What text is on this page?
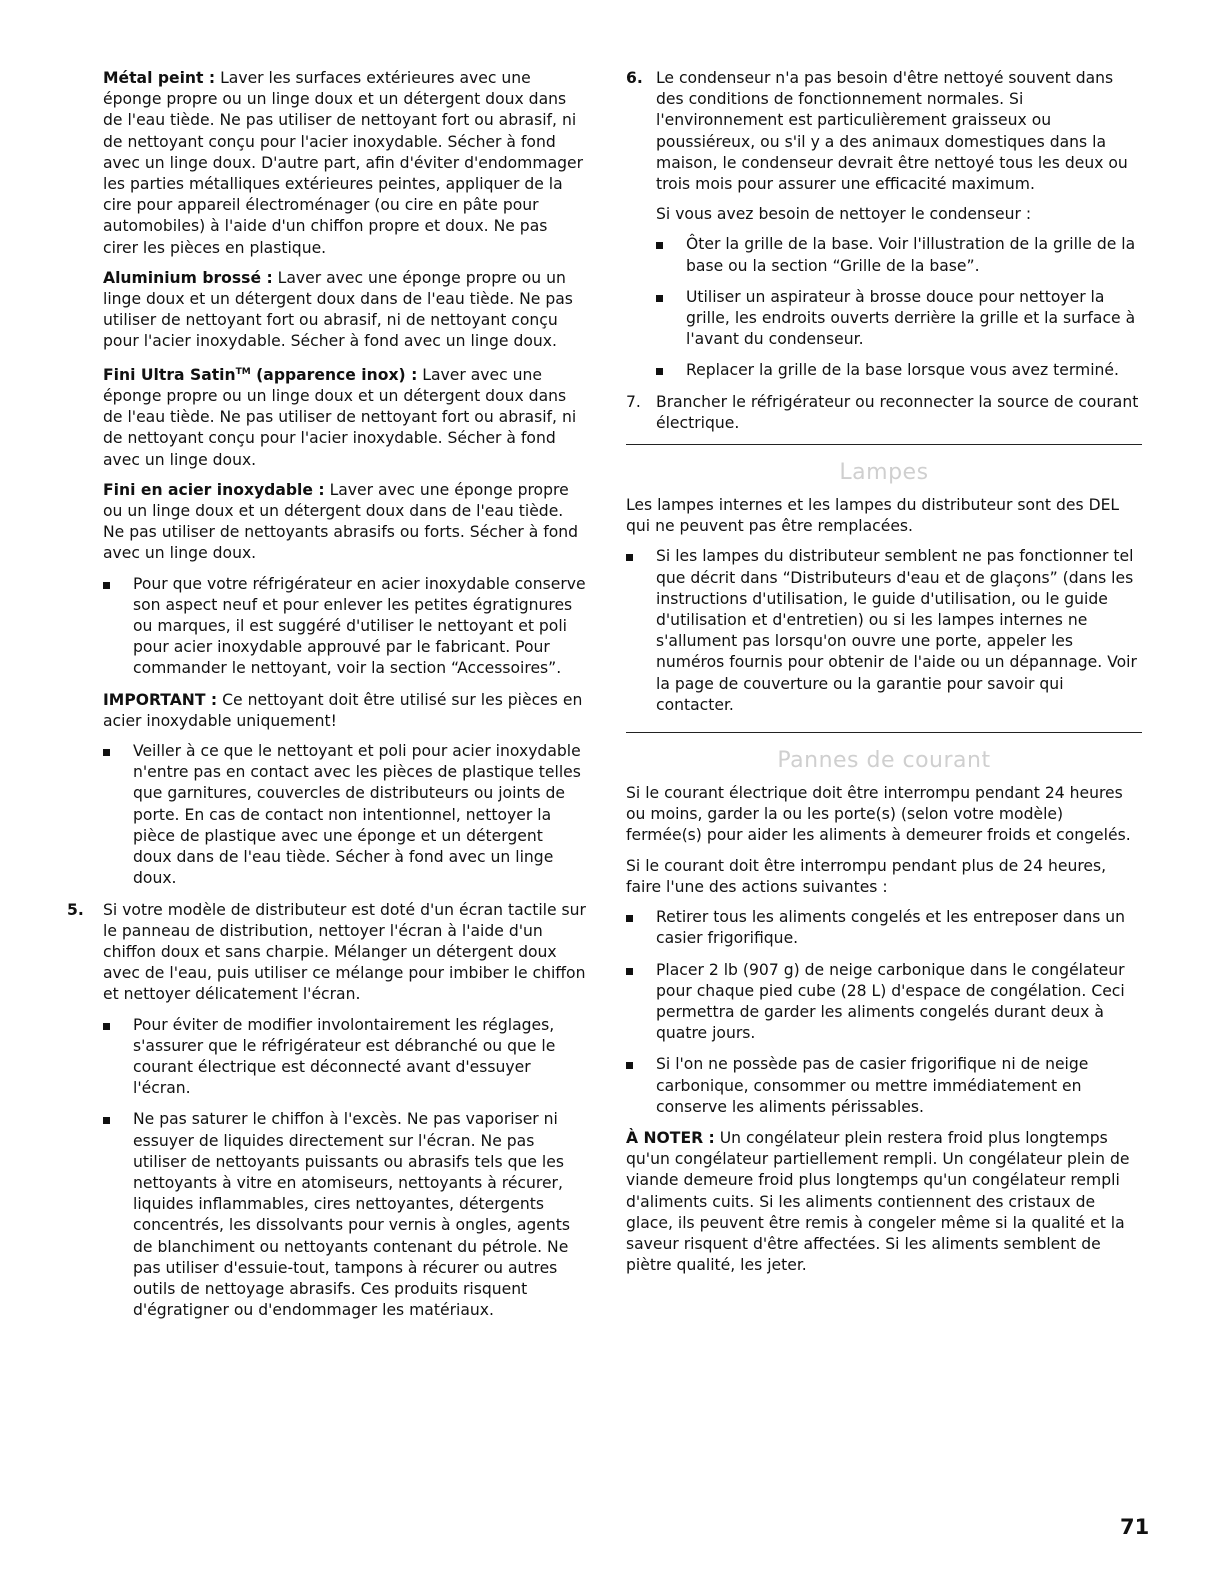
Métal peint : Laver les surfaces extérieures avec une éponge propre ou un linge doux et un détergent doux dans de l'eau tiède. Ne pas utiliser de nettoyant fort ou abrasif, ni de nettoyant conçu pour l'acier inoxydable. Sécher à fond avec un linge doux. D'autre part, afin d'éviter d'endommager les parties métalliques extérieures peintes, appliquer de la cire pour appareil électroménager (ou cire en pâte pour automobiles) à l'aide d'un chiffon propre et doux. Ne pas cirer les pièces en plastique.

Aluminium brossé : Laver avec une éponge propre ou un linge doux et un détergent doux dans de l'eau tiède. Ne pas utiliser de nettoyant fort ou abrasif, ni de nettoyant conçu pour l'acier inoxydable. Sécher à fond avec un linge doux.

Fini Ultra Satin™ (apparence inox) : Laver avec une éponge propre ou un linge doux et un détergent doux dans de l'eau tiède. Ne pas utiliser de nettoyant fort ou abrasif, ni de nettoyant conçu pour l'acier inoxydable. Sécher à fond avec un linge doux.

Fini en acier inoxydable : Laver avec une éponge propre ou un linge doux et un détergent doux dans de l'eau tiède. Ne pas utiliser de nettoyants abrasifs ou forts. Sécher à fond avec un linge doux.

Pour que votre réfrigérateur en acier inoxydable conserve son aspect neuf et pour enlever les petites égratignures ou marques, il est suggéré d'utiliser le nettoyant et poli pour acier inoxydable approuvé par le fabricant. Pour commander le nettoyant, voir la section “Accessoires”.

IMPORTANT : Ce nettoyant doit être utilisé sur les pièces en acier inoxydable uniquement!

Veiller à ce que le nettoyant et poli pour acier inoxydable n'entre pas en contact avec les pièces de plastique telles que garnitures, couvercles de distributeurs ou joints de porte. En cas de contact non intentionnel, nettoyer la pièce de plastique avec une éponge et un détergent doux dans de l'eau tiède. Sécher à fond avec un linge doux.
5. Si votre modèle de distributeur est doté d'un écran tactile sur le panneau de distribution, nettoyer l'écran à l'aide d'un chiffon doux et sans charpie. Mélanger un détergent doux avec de l'eau, puis utiliser ce mélange pour imbiber le chiffon et nettoyer délicatement l'écran.
Pour éviter de modifier involontairement les réglages, s'assurer que le réfrigérateur est débranché ou que le courant électrique est déconnecté avant d'essuyer l'écran.
Ne pas saturer le chiffon à l'excès. Ne pas vaporiser ni essuyer de liquides directement sur l'écran. Ne pas utiliser de nettoyants puissants ou abrasifs tels que les nettoyants à vitre en atomiseurs, nettoyants à récurer, liquides inflammables, cires nettoyantes, détergents concentrés, les dissolvants pour vernis à ongles, agents de blanchiment ou nettoyants contenant du pétrole. Ne pas utiliser d'essuie-tout, tampons à récurer ou autres outils de nettoyage abrasifs. Ces produits risquent d'égratigner ou d'endommager les matériaux.
6. Le condenseur n'a pas besoin d'être nettoyé souvent dans des conditions de fonctionnement normales. Si l'environnement est particulièrement graisseux ou poussiéreux, ou s'il y a des animaux domestiques dans la maison, le condenseur devrait être nettoyé tous les deux ou trois mois pour assurer une efficacité maximum.

Si vous avez besoin de nettoyer le condenseur :

Ôter la grille de la base. Voir l'illustration de la grille de la base ou la section “Grille de la base”.
Utiliser un aspirateur à brosse douce pour nettoyer la grille, les endroits ouverts derrière la grille et la surface à l'avant du condenseur.
Replacer la grille de la base lorsque vous avez terminé.
7. Brancher le réfrigérateur ou reconnecter la source de courant électrique.
Lampes

Les lampes internes et les lampes du distributeur sont des DEL qui ne peuvent pas être remplacées.

Si les lampes du distributeur semblent ne pas fonctionner tel que décrit dans “Distributeurs d'eau et de glaçons” (dans les instructions d'utilisation, le guide d'utilisation, ou le guide d'utilisation et d'entretien) ou si les lampes internes ne s'allument pas lorsqu'on ouvre une porte, appeler les numéros fournis pour obtenir de l'aide ou un dépannage. Voir la page de couverture ou la garantie pour savoir qui contacter.
Pannes de courant

Si le courant électrique doit être interrompu pendant 24 heures ou moins, garder la ou les porte(s) (selon votre modèle) fermée(s) pour aider les aliments à demeurer froids et congelés.

Si le courant doit être interrompu pendant plus de 24 heures, faire l'une des actions suivantes :

Retirer tous les aliments congelés et les entreposer dans un casier frigorifique.
Placer 2 lb (907 g) de neige carbonique dans le congélateur pour chaque pied cube (28 L) d'espace de congélation. Ceci permettra de garder les aliments congelés durant deux à quatre jours.
Si l'on ne possède pas de casier frigorifique ni de neige carbonique, consommer ou mettre immédiatement en conserve les aliments périssables.

À NOTER : Un congélateur plein restera froid plus longtemps qu'un congélateur partiellement rempli. Un congélateur plein de viande demeure froid plus longtemps qu'un congélateur rempli d'aliments cuits. Si les aliments contiennent des cristaux de glace, ils peuvent être remis à congeler même si la qualité et la saveur risquent d'être affectées. Si les aliments semblent de piètre qualité, les jeter.

71
